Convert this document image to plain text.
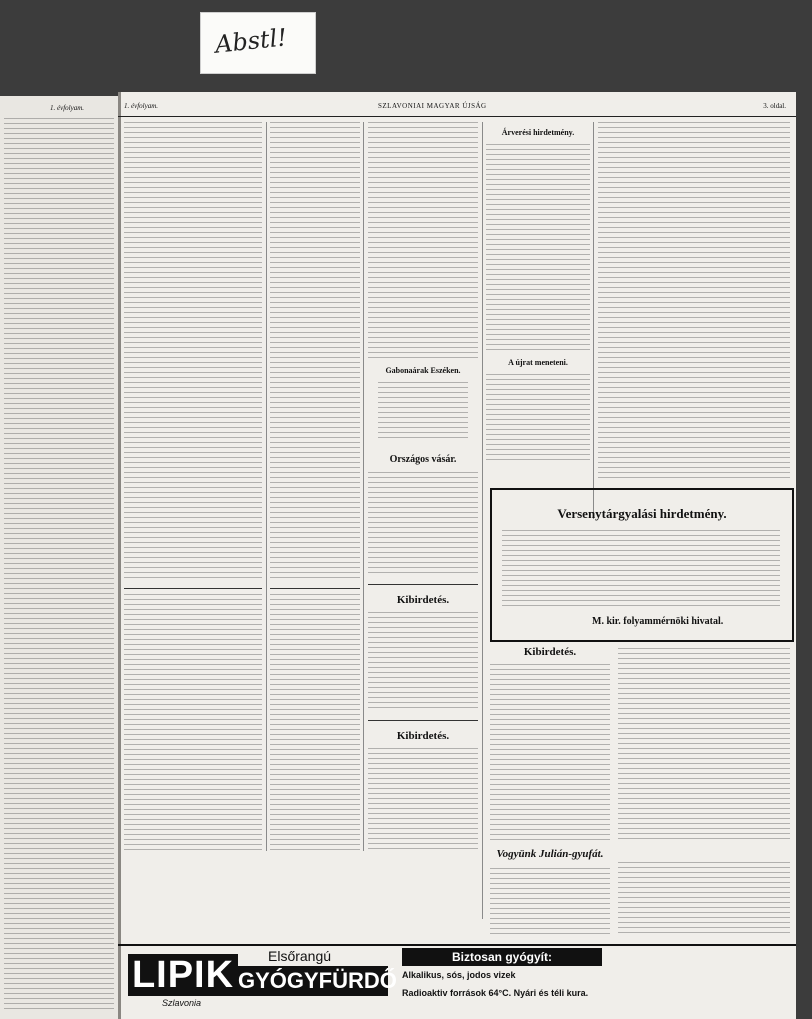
Abstl!
1. évfolyam.	1. évfolyam.	SZLAVONIAI MAGYAR ÚJSÁG	3. oldal.
Gabonaárak Eszéken.
Országos vásár.
Kibirdetés.
Kibirdetés.
Árverési hirdetmény.
A újrat meneteni.
Versenytárgyalási hirdetmény.
M. kir. folyammérnöki hivatal.
Kibirdetés.
Vogyünk Julián-gyufát.
LIPIK
Szlavonia
Elsőrangú
GYÓGYFÜRDŐ
Biztosan gyógyít:
Alkalikus, sós, jodos vizek
Radioaktiv források 64°C. Nyári és téli kura.
